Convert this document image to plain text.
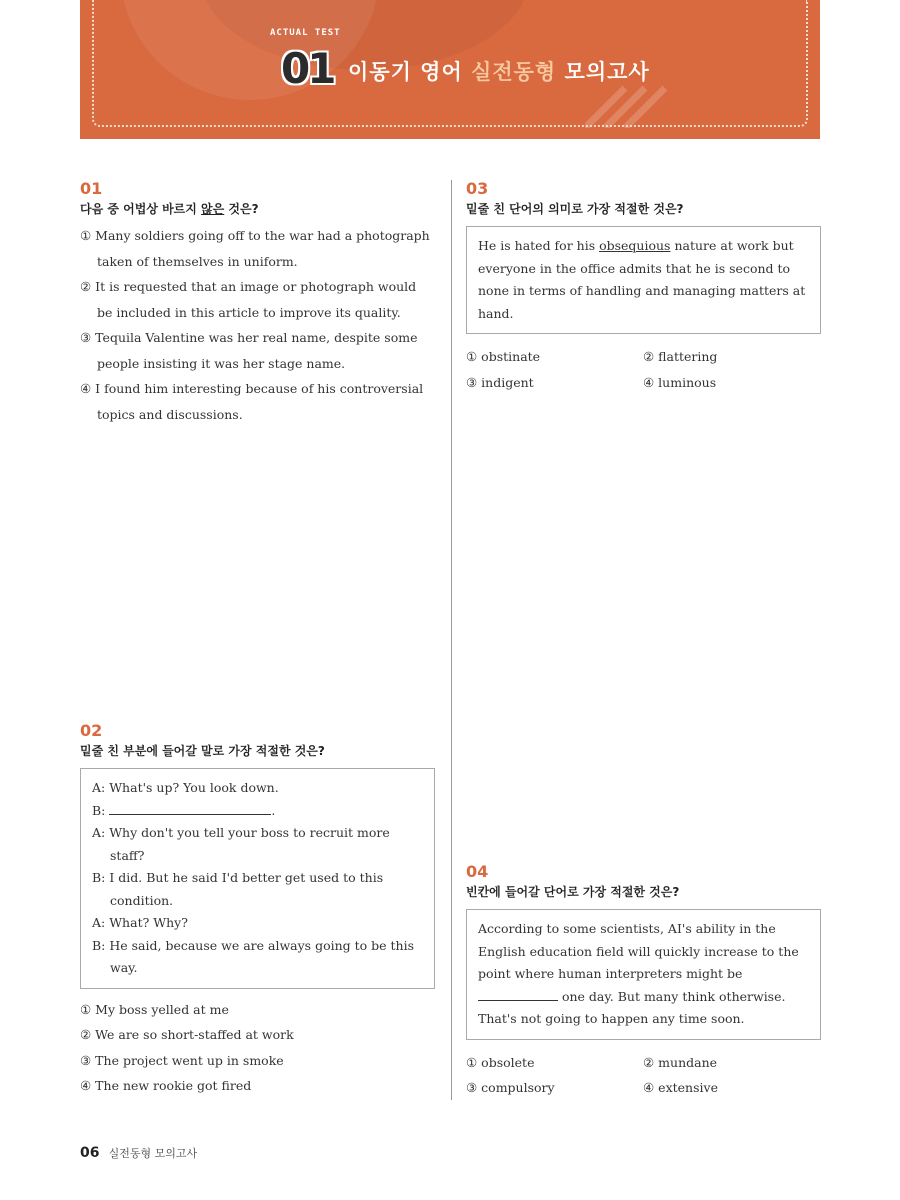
ACTUAL TEST
01 이동기 영어 실전동형 모의고사
01
다음 중 어법상 바르지 않은 것은?
① Many soldiers going off to the war had a photograph taken of themselves in uniform.
② It is requested that an image or photograph would be included in this article to improve its quality.
③ Tequila Valentine was her real name, despite some people insisting it was her stage name.
④ I found him interesting because of his controversial topics and discussions.
02
밑줄 친 부분에 들어갈 말로 가장 적절한 것은?
A: What's up? You look down.
B:	.
A: Why don't you tell your boss to recruit more staff?
B: I did. But he said I'd better get used to this condition.
A: What? Why?
B: He said, because we are always going to be this way.
① My boss yelled at me
② We are so short-staffed at work
③ The project went up in smoke
④ The new rookie got fired
03
밑줄 친 단어의 의미로 가장 적절한 것은?
He is hated for his obsequious nature at work but everyone in the office admits that he is second to none in terms of handling and managing matters at hand.
① obstinate	② flattering
③ indigent	④ luminous
04
빈칸에 들어갈 단어로 가장 적절한 것은?
According to some scientists, AI's ability in the English education field will quickly increase to the point where human interpreters might be  one day. But many think otherwise. That's not going to happen any time soon.
① obsolete	② mundane
③ compulsory	④ extensive
06 실전동형 모의고사
